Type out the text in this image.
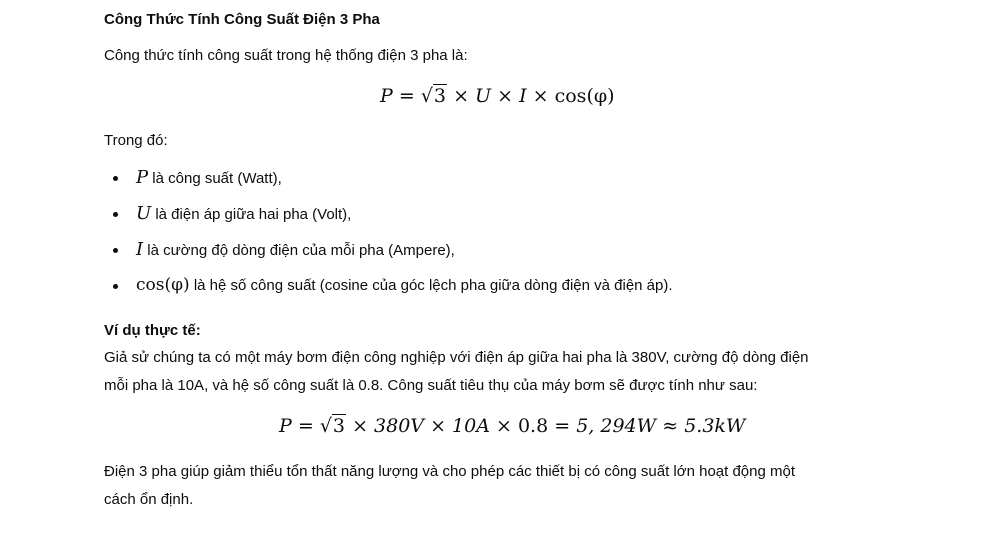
Công Thức Tính Công Suất Điện 3 Pha
Công thức tính công suất trong hệ thống điện 3 pha là:
P = √3 × U × I × cos(φ)
Trong đó:
P là công suất (Watt),
U là điện áp giữa hai pha (Volt),
I là cường độ dòng điện của mỗi pha (Ampere),
cos(φ) là hệ số công suất (cosine của góc lệch pha giữa dòng điện và điện áp).
Ví dụ thực tế:
Giả sử chúng ta có một máy bơm điện công nghiệp với điện áp giữa hai pha là 380V, cường độ dòng điện
mỗi pha là 10A, và hệ số công suất là 0.8. Công suất tiêu thụ của máy bơm sẽ được tính như sau:
P = √3 × 380V × 10A × 0.8 = 5, 294W ≈ 5.3kW
Điện 3 pha giúp giảm thiểu tổn thất năng lượng và cho phép các thiết bị có công suất lớn hoạt động một
cách ổn định.
